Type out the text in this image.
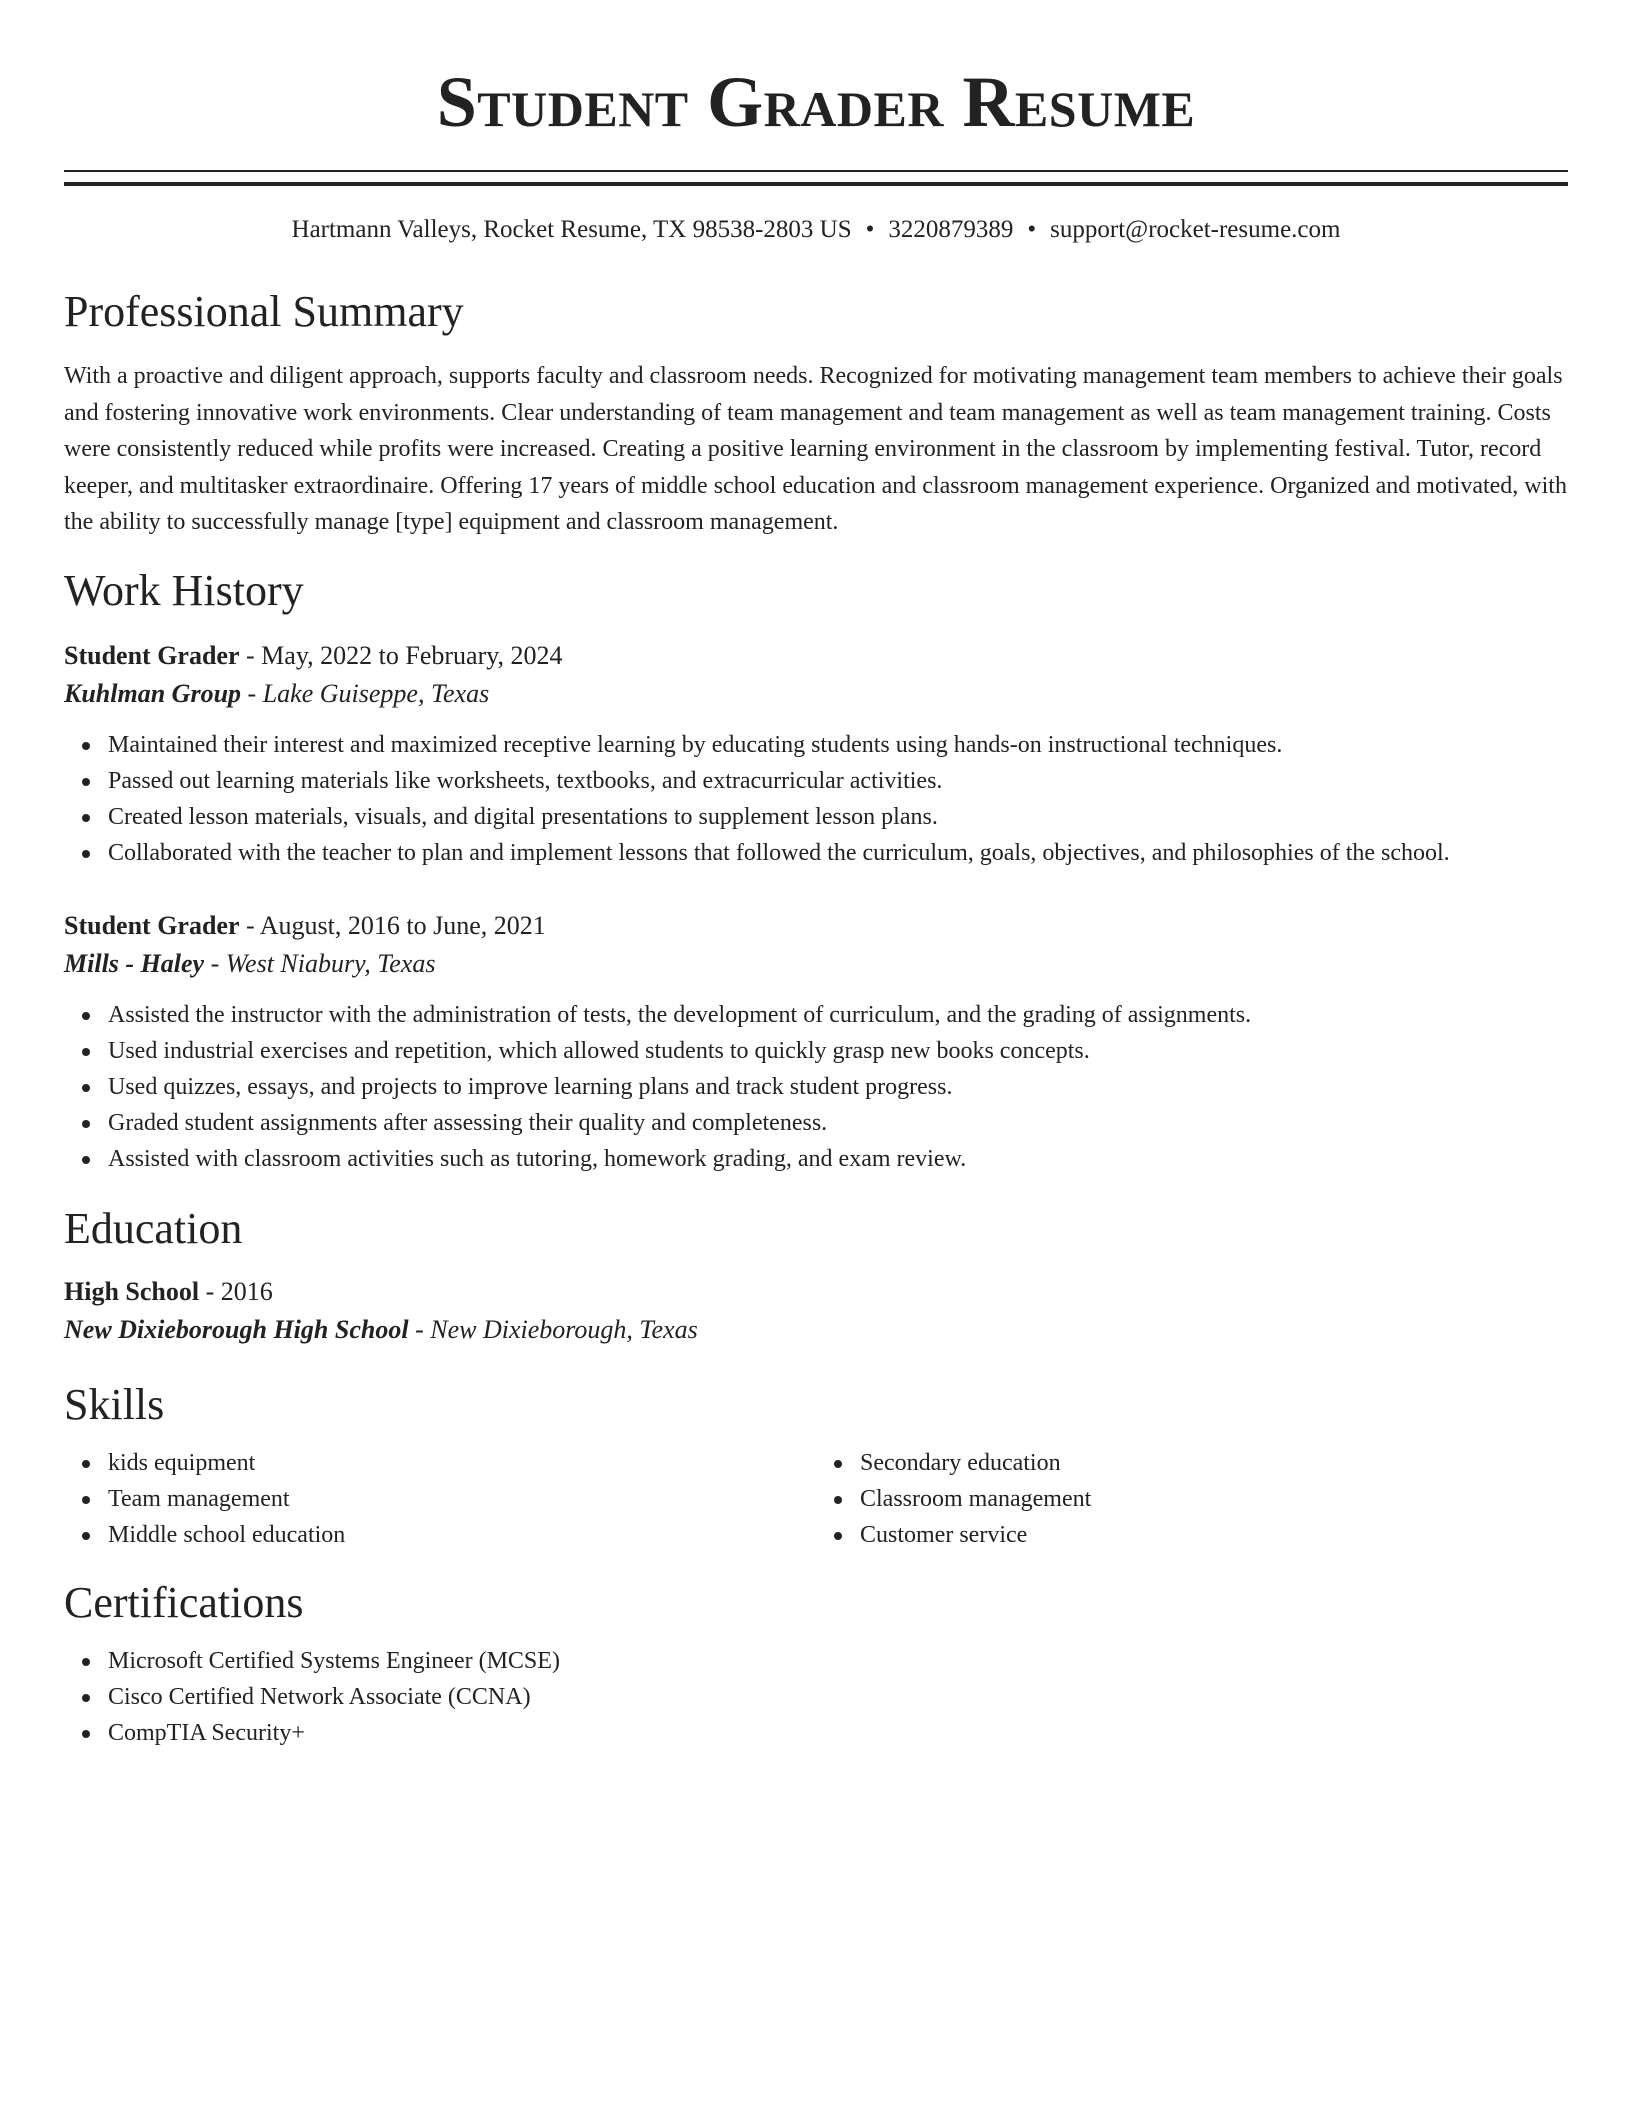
Student Grader Resume
Hartmann Valleys, Rocket Resume, TX 98538-2803 US • 3220879389 • support@rocket-resume.com
Professional Summary
With a proactive and diligent approach, supports faculty and classroom needs. Recognized for motivating management team members to achieve their goals and fostering innovative work environments. Clear understanding of team management and team management as well as team management training. Costs were consistently reduced while profits were increased. Creating a positive learning environment in the classroom by implementing festival. Tutor, record keeper, and multitasker extraordinaire. Offering 17 years of middle school education and classroom management experience. Organized and motivated, with the ability to successfully manage [type] equipment and classroom management.
Work History
Student Grader - May, 2022 to February, 2024
Kuhlman Group - Lake Guiseppe, Texas
Maintained their interest and maximized receptive learning by educating students using hands-on instructional techniques.
Passed out learning materials like worksheets, textbooks, and extracurricular activities.
Created lesson materials, visuals, and digital presentations to supplement lesson plans.
Collaborated with the teacher to plan and implement lessons that followed the curriculum, goals, objectives, and philosophies of the school.
Student Grader - August, 2016 to June, 2021
Mills - Haley - West Niabury, Texas
Assisted the instructor with the administration of tests, the development of curriculum, and the grading of assignments.
Used industrial exercises and repetition, which allowed students to quickly grasp new books concepts.
Used quizzes, essays, and projects to improve learning plans and track student progress.
Graded student assignments after assessing their quality and completeness.
Assisted with classroom activities such as tutoring, homework grading, and exam review.
Education
High School - 2016
New Dixieborough High School - New Dixieborough, Texas
Skills
kids equipment
Team management
Middle school education
Secondary education
Classroom management
Customer service
Certifications
Microsoft Certified Systems Engineer (MCSE)
Cisco Certified Network Associate (CCNA)
CompTIA Security+
